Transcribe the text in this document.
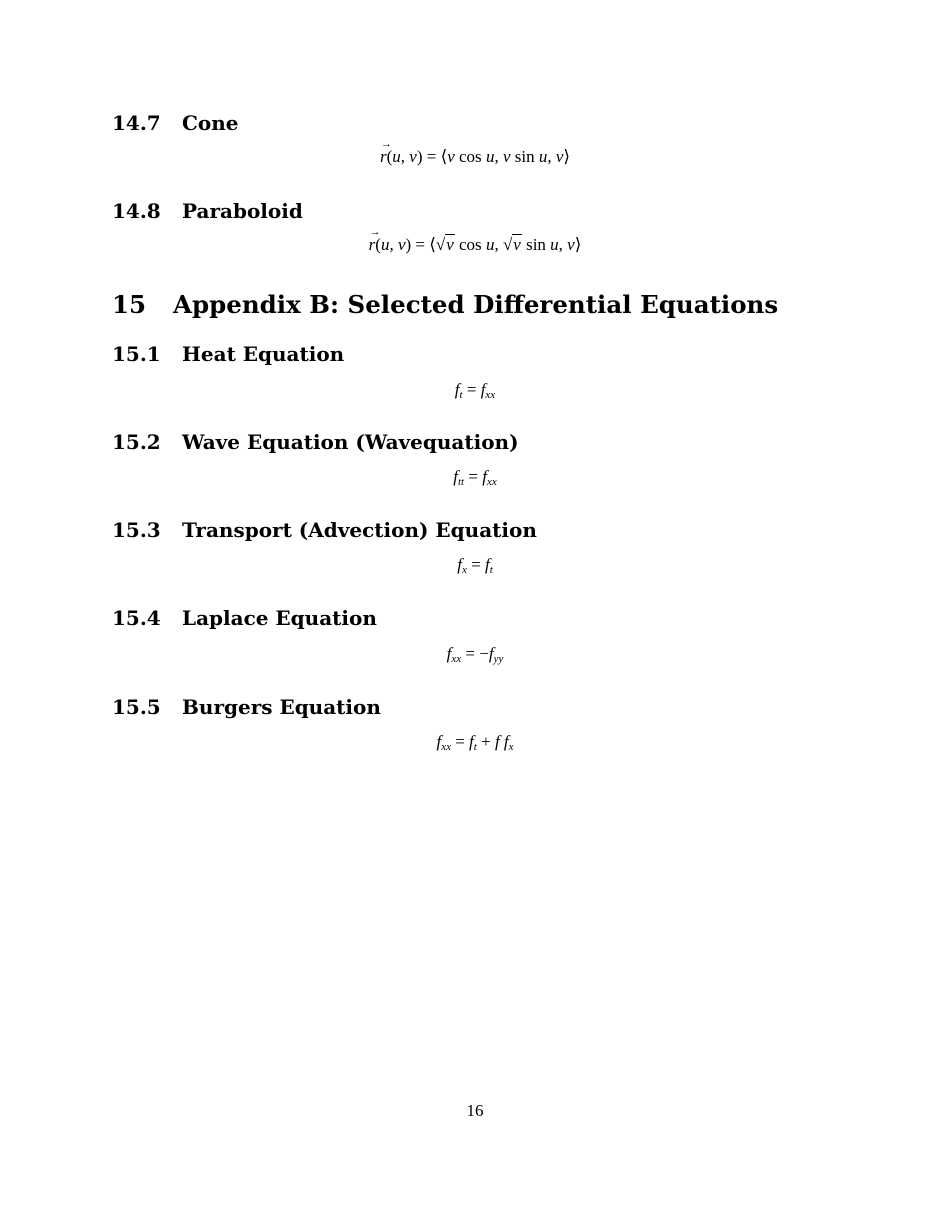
14.7 Cone
→ r(u, v) = ⟨v cos u, v sin u, v⟩
14.8 Paraboloid
→ r(u, v) = ⟨√v cos u, √v sin u, v⟩
15 Appendix B: Selected Differential Equations
15.1 Heat Equation
$f_t = f_{xx}$
15.2 Wave Equation (Wavequation)
$f_{tt} = f_{xx}$
15.3 Transport (Advection) Equation
$f_x = f_t$
15.4 Laplace Equation
$f_{xx} = -f_{yy}$
15.5 Burgers Equation
$f_{xx} = f_t + f$ $f_x$
16
